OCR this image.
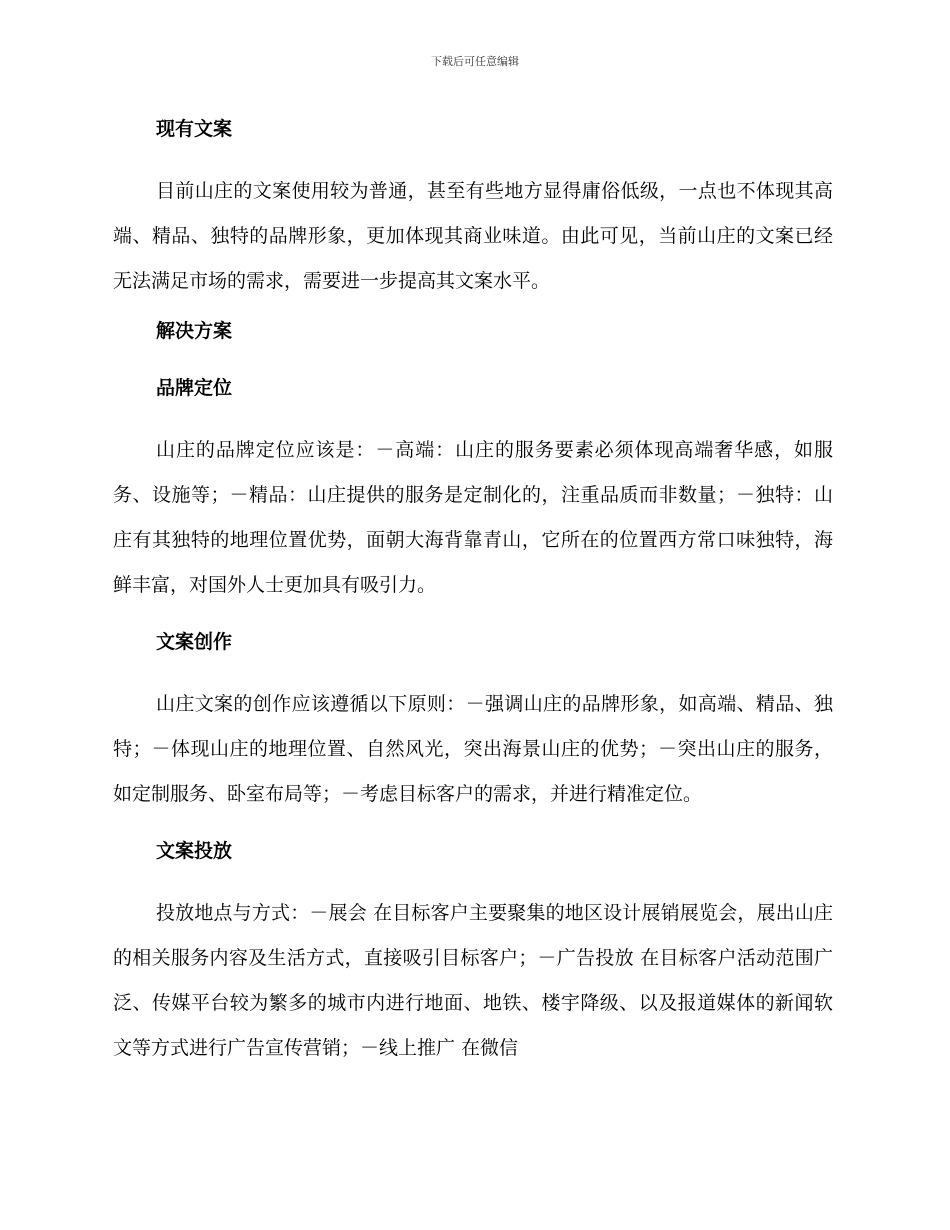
下载后可任意编辑
现有文案

目前山庄的文案使用较为普通，甚至有些地方显得庸俗低级，一点也不体现其高端、精品、独特的品牌形象，更加体现其商业味道。由此可见，当前山庄的文案已经无法满足市场的需求，需要进一步提高其文案水平。

解决方案
品牌定位

山庄的品牌定位应该是：－高端：山庄的服务要素必须体现高端奢华感，如服务、设施等；－精品：山庄提供的服务是定制化的，注重品质而非数量；－独特：山庄有其独特的地理位置优势，面朝大海背靠青山，它所在的位置西方常口味独特，海鲜丰富，对国外人士更加具有吸引力。

文案创作

山庄文案的创作应该遵循以下原则：－强调山庄的品牌形象，如高端、精品、独特；－体现山庄的地理位置、自然风光，突出海景山庄的优势；－突出山庄的服务，如定制服务、卧室布局等；－考虑目标客户的需求，并进行精准定位。

文案投放

投放地点与方式：－展会 在目标客户主要聚集的地区设计展销展览会，展出山庄的相关服务内容及生活方式，直接吸引目标客户；－广告投放 在目标客户活动范围广泛、传媒平台较为繁多的城市内进行地面、地铁、楼宇降级、以及报道媒体的新闻软文等方式进行广告宣传营销；－线上推广 在微信
